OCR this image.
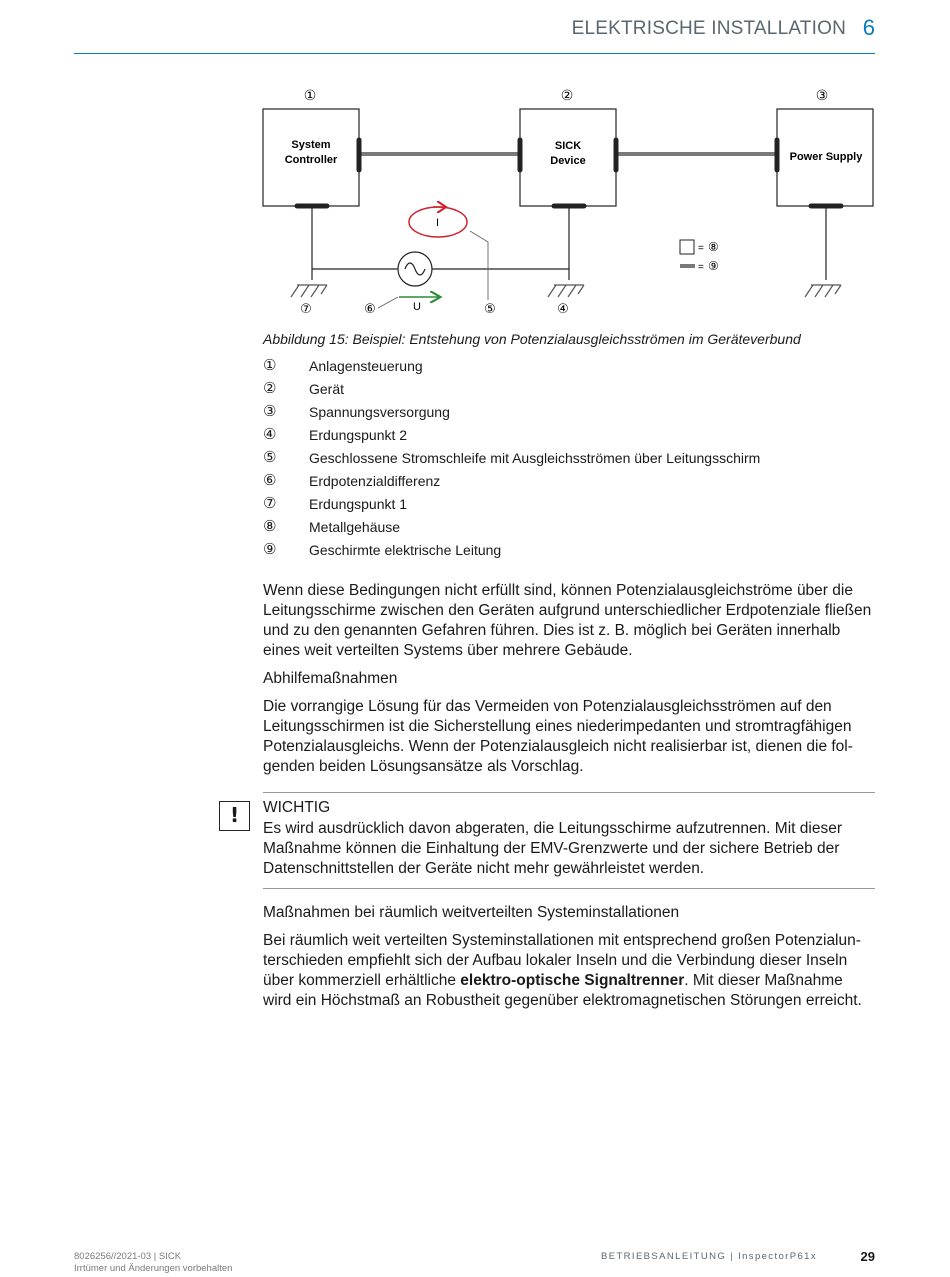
ELEKTRISCHE INSTALLATION 6
①	②	③
System
Controller
SICK
Device	Power Supply
I
U
⑦	⑥	⑤	④
= ⑧
= ⑨
Abbildung 15: Beispiel: Entstehung von Potenzialausgleichsströmen im Geräteverbund
①	Anlagensteuerung
②	Gerät
③	Spannungsversorgung
④	Erdungspunkt 2
⑤	Geschlossene Stromschleife mit Ausgleichsströmen über Leitungsschirm
⑥	Erdpotenzialdifferenz
⑦	Erdungspunkt 1
⑧	Metallgehäuse
⑨	Geschirmte elektrische Leitung

Wenn diese Bedingungen nicht erfüllt sind, können Potenzialausgleichströme über die Leitungsschirme zwischen den Geräten aufgrund unterschiedlicher Erdpotenziale fließen und zu den genannten Gefahren führen. Dies ist z. B. möglich bei Geräten innerhalb eines weit verteilten Systems über mehrere Gebäude.

Abhilfemaßnahmen

Die vorrangige Lösung für das Vermeiden von Potenzialausgleichsströmen auf den Leitungsschirmen ist die Sicherstellung eines niederimpedanten und stromtragfähigen Potenzialausgleichs. Wenn der Potenzialausgleich nicht realisierbar ist, dienen die folgenden beiden Lösungsansätze als Vorschlag.

!	WICHTIG

Es wird ausdrücklich davon abgeraten, die Leitungsschirme aufzutrennen. Mit dieser Maßnahme können die Einhaltung der EMV-Grenzwerte und der sichere Betrieb der Datenschnittstellen der Geräte nicht mehr gewährleistet werden.

Maßnahmen bei räumlich weitverteilten Systeminstallationen

Bei räumlich weit verteilten Systeminstallationen mit entsprechend großen Potenzialunterschieden empfiehlt sich der Aufbau lokaler Inseln und die Verbindung dieser Inseln über kommerziell erhältliche elektro-optische Signaltrenner. Mit dieser Maßnahme wird ein Höchstmaß an Robustheit gegenüber elektromagnetischen Störungen erreicht.

8026256//2021-03 | SICK
Irrtümer und Änderungen vorbehalten
BETRIEBSANLEITUNG | InspectorP61x	29
